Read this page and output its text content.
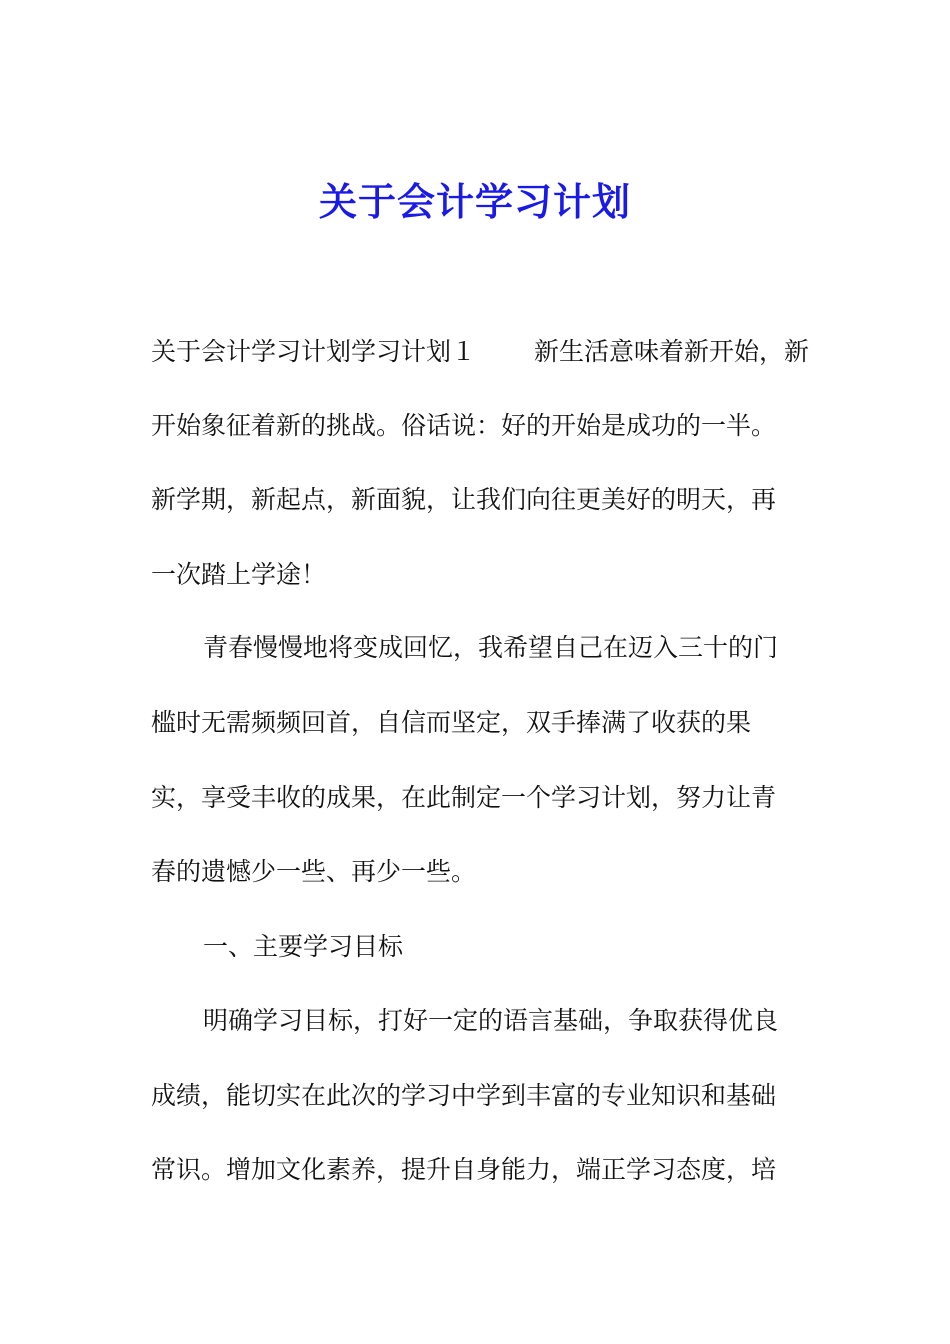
关于会计学习计划
关于会计学习计划学习计划１ 新生活意味着新开始，新
开始象征着新的挑战。俗话说：好的开始是成功的一半。
新学期，新起点，新面貌，让我们向往更美好的明天，再
一次踏上学途！
青春慢慢地将变成回忆，我希望自己在迈入三十的门
槛时无需频频回首，自信而坚定，双手捧满了收获的果
实，享受丰收的成果，在此制定一个学习计划，努力让青
春的遗憾少一些、再少一些。
一、主要学习目标
明确学习目标，打好一定的语言基础，争取获得优良
成绩，能切实在此次的学习中学到丰富的专业知识和基础
常识。增加文化素养，提升自身能力，端正学习态度，培
